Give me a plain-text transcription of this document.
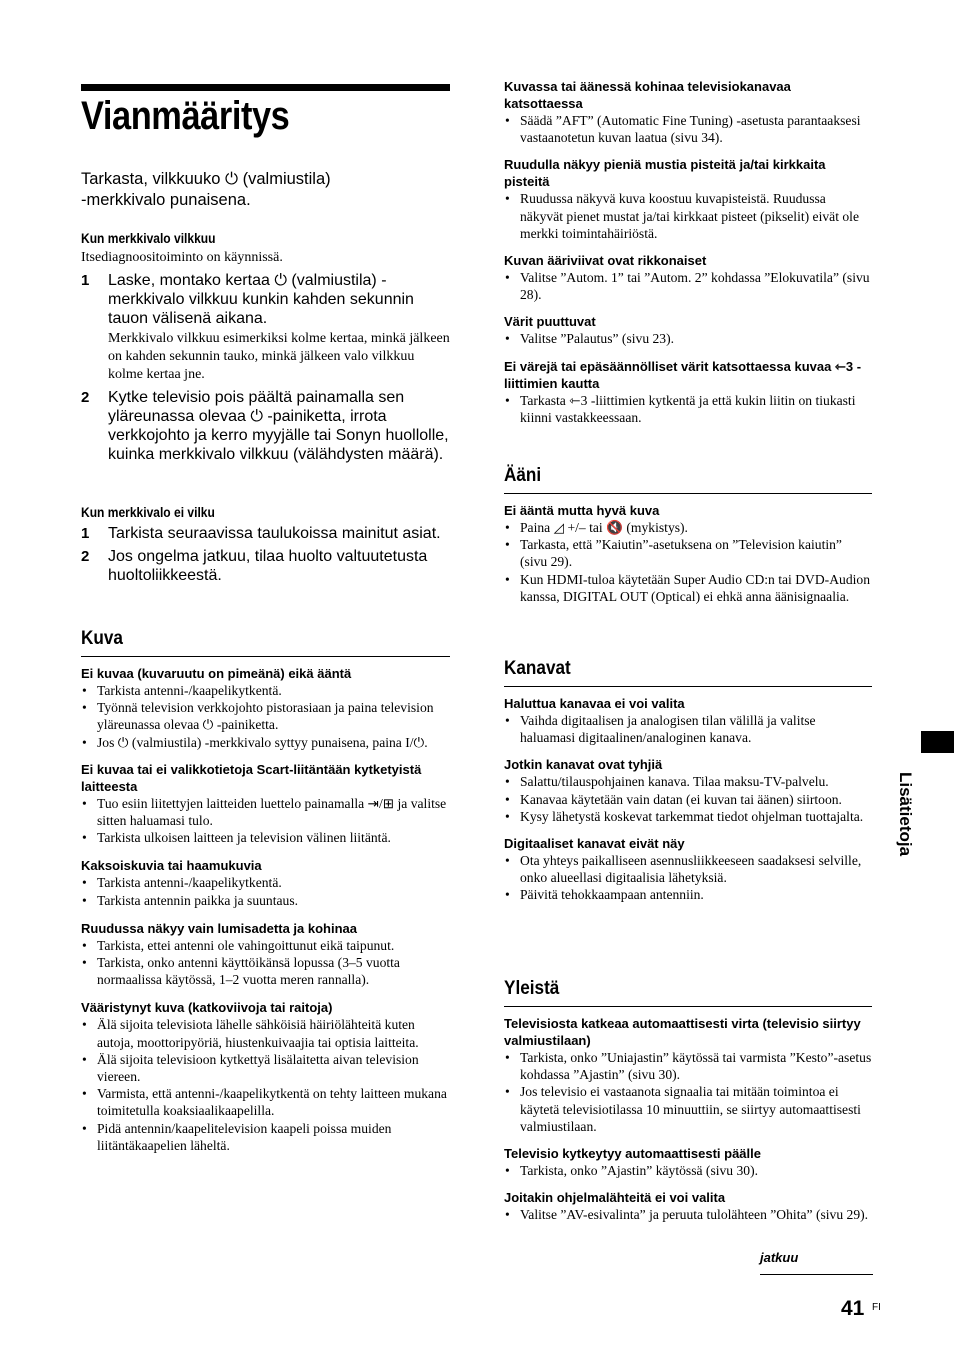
Vianmääritys
Tarkasta, vilkkuuko ⏻ (valmiustila)
-merkkivalo punaisena.

Kun merkkivalo vilkkuu

Itsediagnoositoiminto on käynnissä.

1 Laske, montako kertaa ⏻ (valmiustila) -merkkivalo vilkkuu kunkin kahden sekunnin tauon välisenä aikana.

Merkkivalo vilkkuu esimerkiksi kolme kertaa, minkä jälkeen on kahden sekunnin tauko, minkä jälkeen valo vilkkuu kolme kertaa jne.

2 Kytke televisio pois päältä painamalla sen yläreunassa olevaa ⏻ -painiketta, irrota verkkojohto ja kerro myyjälle tai Sonyn huollolle, kuinka merkkivalo vilkkuu (välähdysten määrä).

Kun merkkivalo ei vilku

1 Tarkista seuraavissa taulukoissa mainitut asiat.
2 Jos ongelma jatkuu, tilaa huolto valtuutetusta huoltoliikkeestä.
Kuva

Ei kuvaa (kuvaruutu on pimeänä) eikä ääntä

• Tarkista antenni-/kaapelikytkentä.
• Työnnä television verkkojohto pistorasiaan ja paina television yläreunassa olevaa ⏻ -painiketta.
• Jos ⏻ (valmiustila) -merkkivalo syttyy punaisena, paina I/⏻.

Ei kuvaa tai ei valikkotietoja Scart-liitäntään kytketyistä laitteesta

• Tuo esiin liitettyjen laitteiden luettelo painamalla ⇥/⊞ ja valitse sitten haluamasi tulo.
• Tarkista ulkoisen laitteen ja television välinen liitäntä.

Kaksoiskuvia tai haamukuvia

• Tarkista antenni-/kaapelikytkentä.
• Tarkista antennin paikka ja suuntaus.

Ruudussa näkyy vain lumisadetta ja kohinaa

• Tarkista, ettei antenni ole vahingoittunut eikä taipunut.
• Tarkista, onko antenni käyttöikänsä lopussa (3–5 vuotta normaalissa käytössä, 1–2 vuotta meren rannalla).

Vääristynyt kuva (katkoviivoja tai raitoja)

• Älä sijoita televisiota lähelle sähköisiä häiriölähteitä kuten autoja, moottoripyöriä, hiustenkuivaajia tai optisia laitteita.
• Älä sijoita televisioon kytkettyä lisälaitetta aivan television viereen.
• Varmista, että antenni-/kaapelikytkentä on tehty laitteen mukana toimitetulla koaksiaalikaapelilla.
• Pidä antennin/kaapelitelevision kaapeli poissa muiden liitäntäkaapelien läheltä.

Kuvassa tai äänessä kohinaa televisiokanavaa katsottaessa

• Säädä ”AFT” (Automatic Fine Tuning) -asetusta parantaaksesi vastaanotetun kuvan laatua (sivu 34).

Ruudulla näkyy pieniä mustia pisteitä ja/tai kirkkaita pisteitä

• Ruudussa näkyvä kuva koostuu kuvapisteistä. Ruudussa näkyvät pienet mustat ja/tai kirkkaat pisteet (pikselit) eivät ole merkki toimintahäiriöstä.

Kuvan ääriviivat ovat rikkonaiset

• Valitse ”Autom. 1” tai ”Autom. 2” kohdassa ”Elokuvatila” (sivu 28).

Värit puuttuvat

• Valitse ”Palautus” (sivu 23).

Ei värejä tai epäsäännölliset värit katsottaessa kuvaa ⇽3 -liittimien kautta

• Tarkasta ⇽3 -liittimien kytkentä ja että kukin liitin on tiukasti kiinni vastakkeessaan.
Ääni

Ei ääntä mutta hyvä kuva

• Paina ◿ +/– tai 🔇 (mykistys).
• Tarkasta, että ”Kaiutin”-asetuksena on ”Television kaiutin” (sivu 29).
• Kun HDMI-tuloa käytetään Super Audio CD:n tai DVD-Audion kanssa, DIGITAL OUT (Optical) ei ehkä anna äänisignaalia.
Kanavat

Haluttua kanavaa ei voi valita

• Vaihda digitaalisen ja analogisen tilan välillä ja valitse haluamasi digitaalinen/analoginen kanava.

Jotkin kanavat ovat tyhjiä

• Salattu/tilauspohjainen kanava. Tilaa maksu-TV-palvelu.
• Kanavaa käytetään vain datan (ei kuvan tai äänen) siirtoon.
• Kysy lähetystä koskevat tarkemmat tiedot ohjelman tuottajalta.

Digitaaliset kanavat eivät näy

• Ota yhteys paikalliseen asennusliikkeeseen saadaksesi selville, onko alueellasi digitaalisia lähetyksiä.
• Päivitä tehokkaampaan antenniin.
Yleistä

Televisiosta katkeaa automaattisesti virta (televisio siirtyy valmiustilaan)

• Tarkista, onko ”Uniajastin” käytössä tai varmista ”Kesto”-asetus kohdassa ”Ajastin” (sivu 30).
• Jos televisio ei vastaanota signaalia tai mitään toimintoa ei käytetä televisiotilassa 10 minuuttiin, se siirtyy automaattisesti valmiustilaan.

Televisio kytkeytyy automaattisesti päälle

• Tarkista, onko ”Ajastin” käytössä (sivu 30).

Joitakin ohjelmalähteitä ei voi valita

• Valitse ”AV-esivalinta” ja peruuta tulolähteen ”Ohita” (sivu 29).
Lisätietoja
jatkuu
41 FI
